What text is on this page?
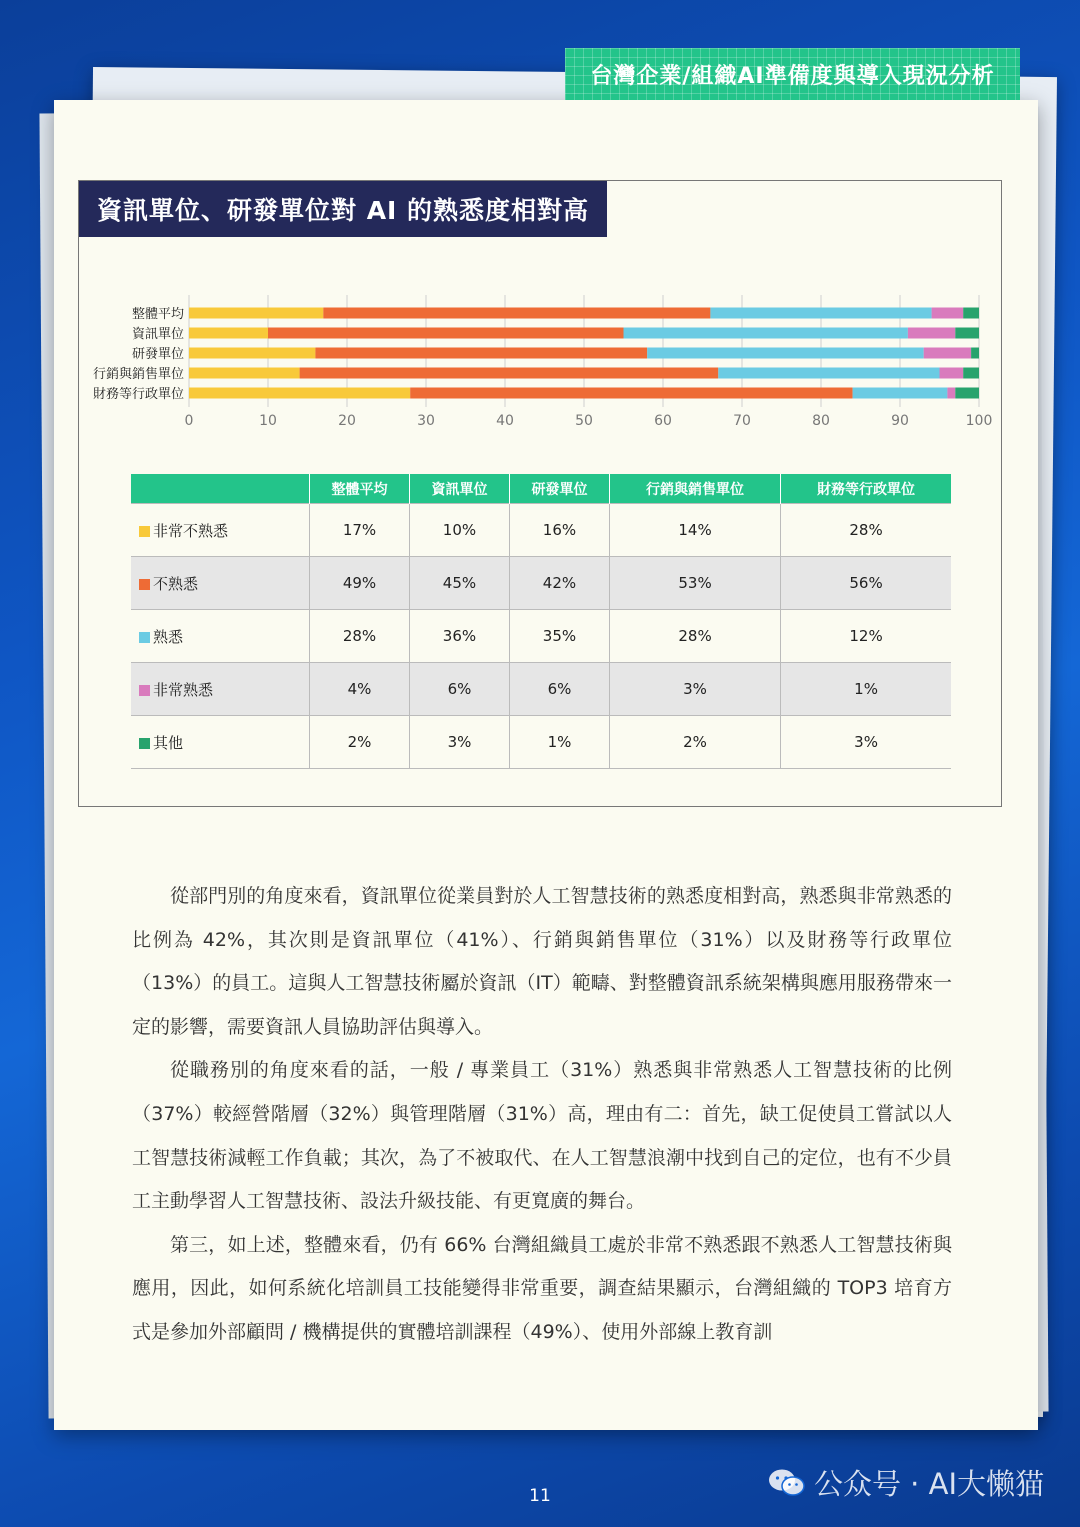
台灣企業/組織AI準備度與導入現況分析
資訊單位、研發單位對 AI 的熟悉度相對高
0	10	20	30	40	50	60	70	80	90	100
整體平均
資訊單位
研發單位
行銷與銷售單位
財務等行政單位
	整體平均	資訊單位	研發單位	行銷與銷售單位	財務等行政單位
非常不熟悉	17%	10%	16%	14%	28%
不熟悉	49%	45%	42%	53%	56%
熟悉	28%	36%	35%	28%	12%
非常熟悉	4%	6%	6%	3%	1%
其他	2%	3%	1%	2%	3%

從部門別的角度來看，資訊單位從業員對於人工智慧技術的熟悉度相對高，熟悉與非常熟悉的比例為 42%，其次則是資訊單位（41%）、行銷與銷售單位（31%）以及財務等行政單位（13%）的員工。這與人工智慧技術屬於資訊（IT）範疇、對整體資訊系統架構與應用服務帶來一定的影響，需要資訊人員協助評估與導入。

從職務別的角度來看的話，一般 / 專業員工（31%）熟悉與非常熟悉人工智慧技術的比例（37%）較經營階層（32%）與管理階層（31%）高，理由有二：首先，缺工促使員工嘗試以人工智慧技術減輕工作負載；其次，為了不被取代、在人工智慧浪潮中找到自己的定位，也有不少員工主動學習人工智慧技術、設法升級技能、有更寬廣的舞台。

第三，如上述，整體來看，仍有 66% 台灣組織員工處於非常不熟悉跟不熟悉人工智慧技術與應用，因此，如何系統化培訓員工技能變得非常重要，調查結果顯示，台灣組織的 TOP3 培育方式是參加外部顧問 / 機構提供的實體培訓課程（49%）、使用外部線上教育訓

11	公众号 · AI大懒猫
